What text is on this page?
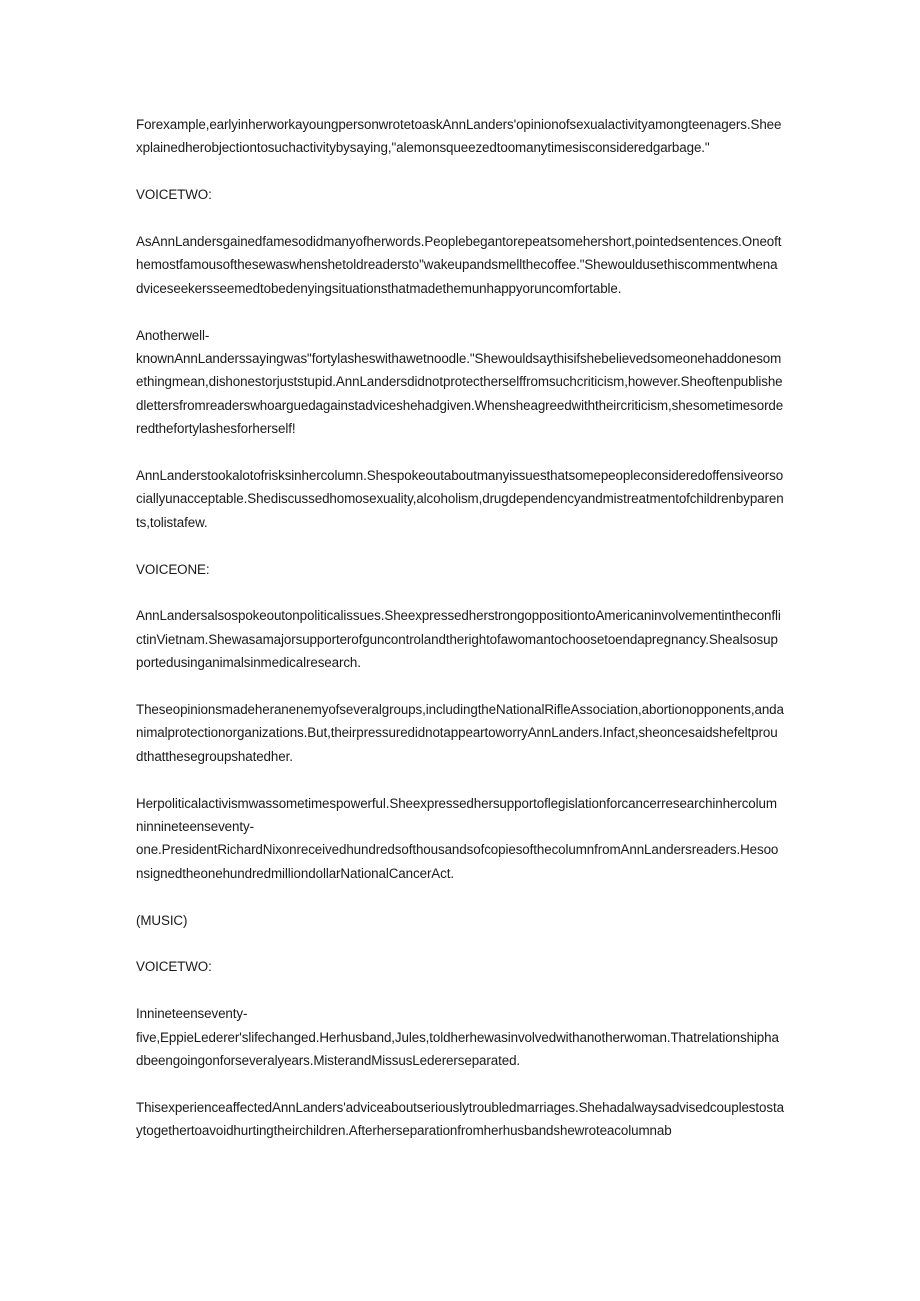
Forexample,earlyinherworkayoungpersonwrotetoaskAnnLanders'opinionofsexualactivityamongteenagers.Sheexplainedherobjectiontosuchactivitybysaying,"alemonsqueezedtoomanytimesisconsideredgarbage."

VOICETWO:

AsAnnLandersgainedfamesodidmanyofherwords.Peoplebegantorepeatsomehershort,pointedsentences.Oneofthemostfamousofthesewaswhenshetoldreadersto"wakeupandsmellthecoffee."Shewouldusethiscommentwhenadviceseekersseemedtobedenyingsituationsthatmadethemunhappyoruncomfortable.

Anotherwell-
knownAnnLanderssayingwas"fortylasheswithawetnoodle."Shewouldsaythisifshebelievedsomeonehaddonesomethingmean,dishonestorjuststupid.AnnLandersdidnotprotectherselffromsuchcriticism,however.Sheoftenpublishedlettersfromreaderswhoarguedagainstadviceshehadgiven.Whensheagreedwiththeircriticism,shesometimesorderedthefortylashesforherself!

AnnLanderstookalotofrisksinhercolumn.Shespokeoutaboutmanyissuesthatsomepeopleconsideredoffensiveorsociallyunacceptable.Shediscussedhomosexuality,alcoholism,drugdependencyandmistreatmentofchildrenbyparents,tolistafew.

VOICEONE:

AnnLandersalsospokeoutonpoliticalissues.SheexpressedherstrongoppositiontoAmericaninvolvementintheconflictinVietnam.Shewasamajorsupporterofguncontrolandtherightofawomantochoosetoendapregnancy.Shealsosupportedusinganimalsinmedicalresearch.

Theseopinionsmadeheranenemyofseveralgroups,includingtheNationalRifleAssociation,abortionopponents,andanimalprotectionorganizations.But,theirpressuredidnotappeartoworryAnnLanders.Infact,sheoncesaidshefeltproudthatthesegroupshatedher.

Herpoliticalactivismwassometimespowerful.Sheexpressedhersupportoflegislationforcancerresearchinhercolumninnineteenseventy-
one.PresidentRichardNixonreceivedhundredsofthousandsofcopiesofthecolumnfromAnnLandersreaders.HesoonsignedtheonehundredmilliondollarNationalCancerAct.

(MUSIC)

VOICETWO:

Innineteenseventy-
five,EppieLederer'slifechanged.Herhusband,Jules,toldherhewasinvolvedwithanotherwoman.Thatrelationshiphadbeengoingonforseveralyears.MisterandMissusLedererseparated.

ThisexperienceaffectedAnnLanders'adviceaboutseriouslytroubledmarriages.Shehadalwaysadvisedcouplestostaytogethertoavoidhurtingtheirchildren.Afterherseparationfromherhusbandshewroteacolumnab
